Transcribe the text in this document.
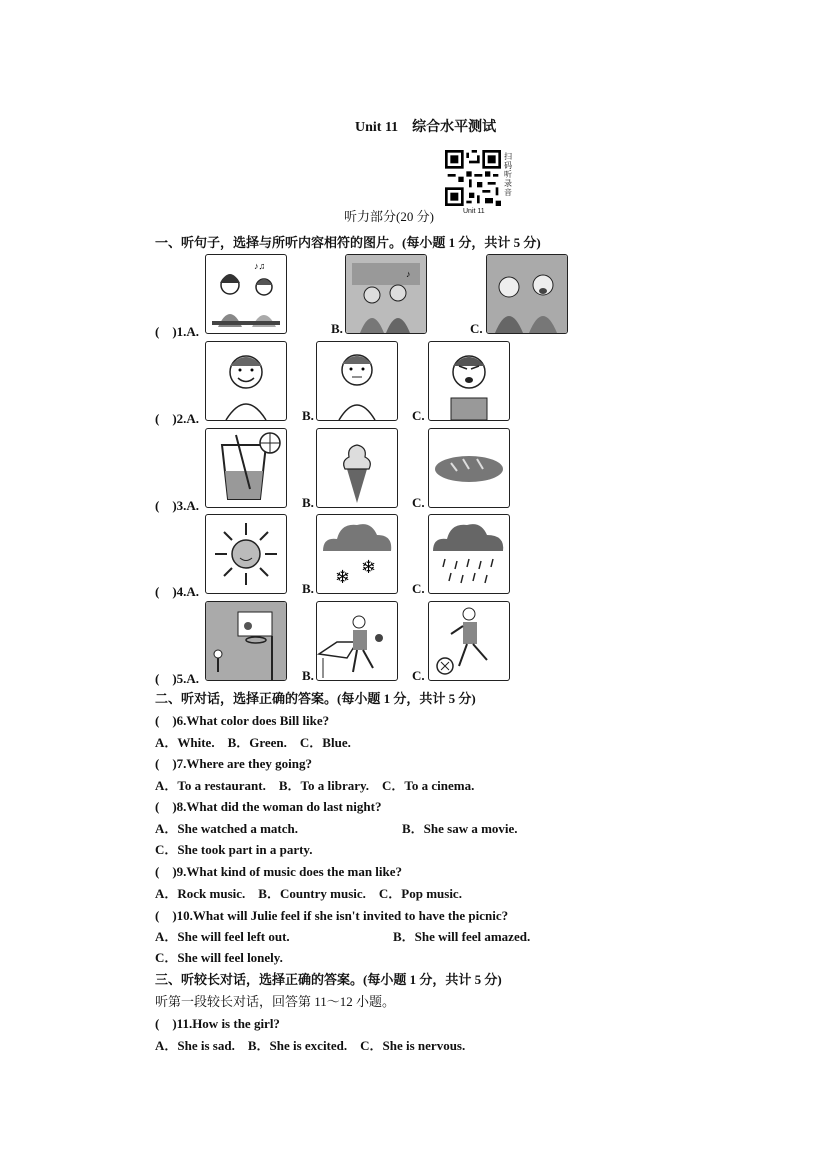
Unit 11　综合水平测试
扫码听录音
Unit 11
听力部分(20 分)
一、听句子，选择与所听内容相符的图片。(每小题 1 分，共计 5 分)
(　)1.A.
♪♫
B.
♪
C.
(　)2.A.	B.	C.
(　)3.A.	B.	C.
(　)4.A.	B.
❄ ❄
C.
(　)5.A.	B.	C.
二、听对话，选择正确的答案。(每小题 1 分，共计 5 分)
(　)6.What color does Bill like?
A．White.　B．Green.　C．Blue.
(　)7.Where are they going?
A．To a restaurant.　B．To a library.　C．To a cinema.
(　)8.What did the woman do last night?
A．She watched a match.	B．She saw a movie.
C．She took part in a party.
(　)9.What kind of music does the man like?
A．Rock music.　B．Country music.　C．Pop music.
(　)10.What will Julie feel if she isn't invited to have the picnic?
A．She will feel left out.	B．She will feel amazed.
C．She will feel lonely.
三、听较长对话，选择正确的答案。(每小题 1 分，共计 5 分)
听第一段较长对话，回答第 11～12 小题。
(　)11.How is the girl?
A．She is sad.　B．She is excited.　C．She is nervous.
